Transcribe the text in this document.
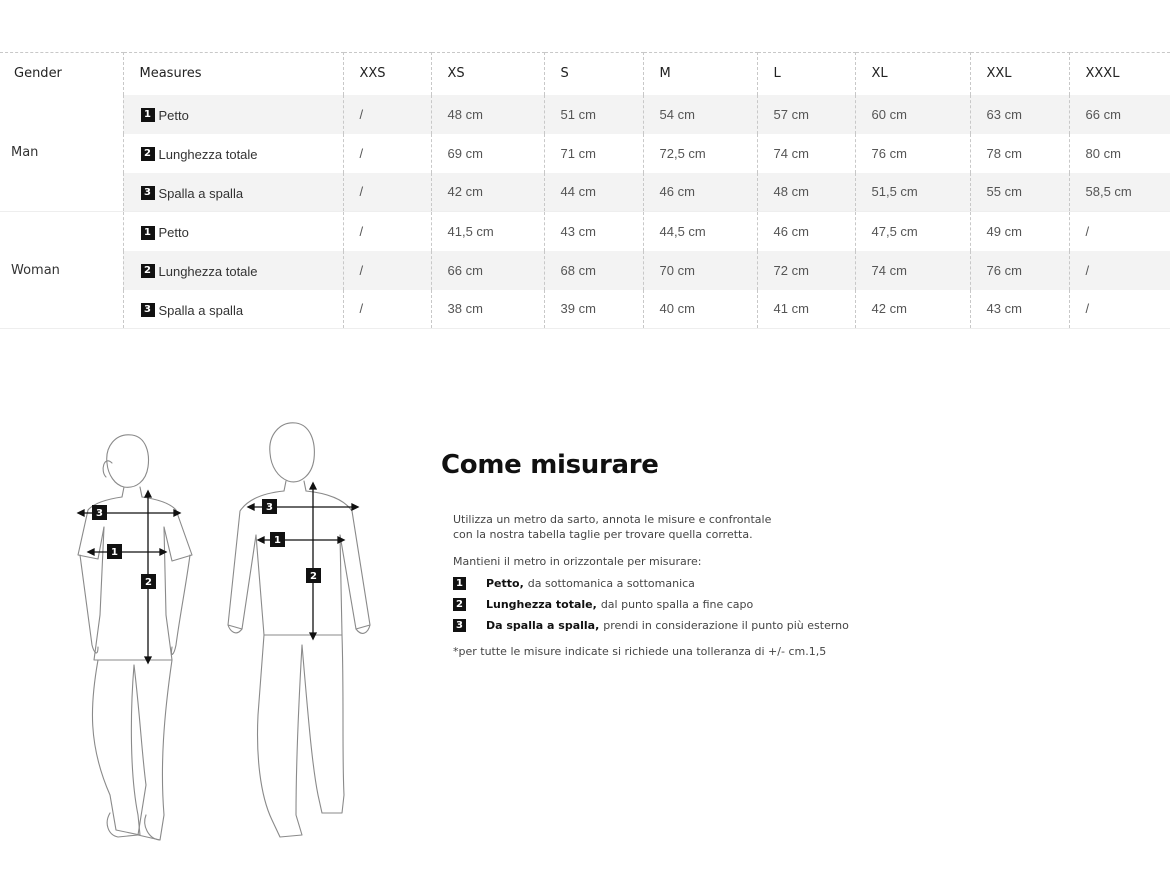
Gender	Measures	XXS	XS	S	M	L	XL	XXL	XXXL
Man	1 Petto	/	48 cm	51 cm	54 cm	57 cm	60 cm	63 cm	66 cm

	2 Lunghezza totale	/	69 cm	71 cm	72,5 cm	74 cm	76 cm	78 cm	80 cm

	3 Spalla a spalla	/	42 cm	44 cm	46 cm	48 cm	51,5 cm	55 cm	58,5 cm
Woman	1 Petto	/	41,5 cm	43 cm	44,5 cm	46 cm	47,5 cm	49 cm	/

	2 Lunghezza totale	/	66 cm	68 cm	70 cm	72 cm	74 cm	76 cm	/

	3 Spalla a spalla	/	38 cm	39 cm	40 cm	41 cm	42 cm	43 cm	/
3
1
2
3
1
2
Come misurare

Utilizza un metro da sarto, annota le misure e confrontale
con la nostra tabella taglie per trovare quella corretta.

Mantieni il metro in orizzontale per misurare:

1 Petto, da sottomanica a sottomanica
2 Lunghezza totale, dal punto spalla a fine capo
3 Da spalla a spalla, prendi in considerazione il punto più esterno

*per tutte le misure indicate si richiede una tolleranza di +/- cm.1,5
